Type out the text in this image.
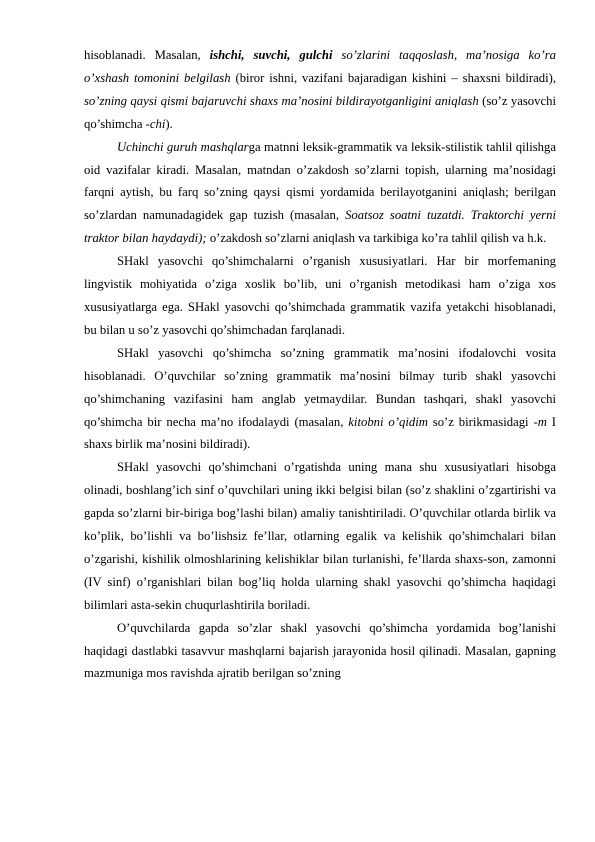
hisoblanadi. Masalan, ishchi, suvchi, gulchi so’zlarini taqqoslash, ma’nosiga ko’ra o’xshash tomonini belgilash (biror ishni, vazifani bajaradigan kishini – shaxsni bildiradi), so’zning qaysi qismi bajaruvchi shaxs ma’nosini bildirayotganligini aniqlash (so’z yasovchi qo’shimcha -chi).

Uchinchi guruh mashqlarga matnni leksik-grammatik va leksik-stilistik tahlil qilishga oid vazifalar kiradi. Masalan, matndan o’zakdosh so’zlarni topish, ularning ma’nosidagi farqni aytish, bu farq so’zning qaysi qismi yordamida berilayotganini aniqlash; berilgan so’zlardan namunadagidek gap tuzish (masalan, Soatsoz soatni tuzatdi. Traktorchi yerni traktor bilan haydaydi); o’zakdosh so’zlarni aniqlash va tarkibiga ko’ra tahlil qilish va h.k.

SHakl yasovchi qo’shimchalarni o’rganish xususiyatlari. Har bir morfemaning lingvistik mohiyatida o’ziga xoslik bo’lib, uni o’rganish metodikasi ham o’ziga xos xususiyatlarga ega. SHakl yasovchi qo’shimchada grammatik vazifa yetakchi hisoblanadi, bu bilan u so’z yasovchi qo’shimchadan farqlanadi.

SHakl yasovchi qo’shimcha so’zning grammatik ma’nosini ifodalovchi vosita hisoblanadi. O’quvchilar so’zning grammatik ma’nosini bilmay turib shakl yasovchi qo’shimchaning vazifasini ham anglab yetmaydilar. Bundan tashqari, shakl yasovchi qo’shimcha bir necha ma’no ifodalaydi (masalan, kitobni o’qidim so’z birikmasidagi -m I shaxs birlik ma’nosini bildiradi).

SHakl yasovchi qo’shimchani o’rgatishda uning mana shu xususiyatlari hisobga olinadi, boshlang’ich sinf o’quvchilari uning ikki belgisi bilan (so’z shaklini o’zgartirishi va gapda so’zlarni bir-biriga bog’lashi bilan) amaliy tanishtiriladi. O’quvchilar otlarda birlik va ko’plik, bo’lishli va bo’lishsiz fe’llar, otlarning egalik va kelishik qo’shimchalari bilan o’zgarishi, kishilik olmoshlarining kelishiklar bilan turlanishi, fe’llarda shaxs-son, zamonni (IV sinf) o’rganishlari bilan bog’liq holda ularning shakl yasovchi qo’shimcha haqidagi bilimlari asta-sekin chuqurlashtirila boriladi.

O’quvchilarda gapda so’zlar shakl yasovchi qo’shimcha yordamida bog’lanishi haqidagi dastlabki tasavvur mashqlarni bajarish jarayonida hosil qilinadi. Masalan, gapning mazmuniga mos ravishda ajratib berilgan so’zning
